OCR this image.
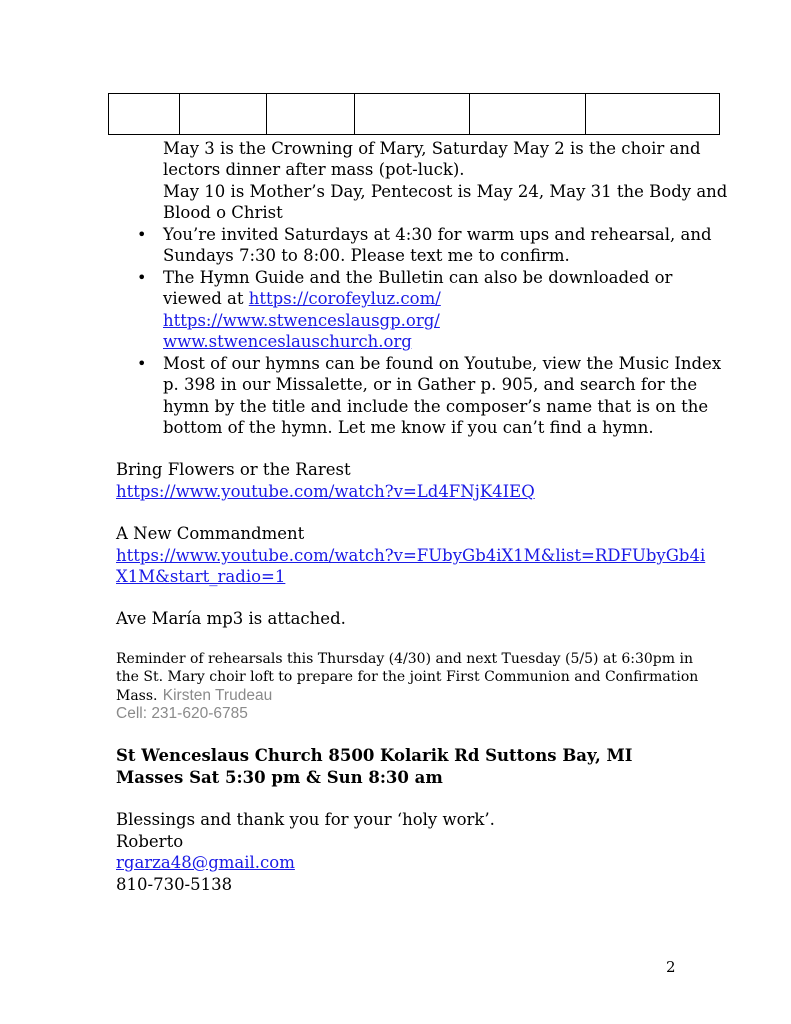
May 3 is the Crowning of Mary, Saturday May 2 is the choir and
lectors dinner after mass (pot-luck).
May 10 is Mother’s Day, Pentecost is May 24, May 31 the Body and
Blood o Christ
• You’re invited Saturdays at 4:30 for warm ups and rehearsal, and
Sundays 7:30 to 8:00. Please text me to confirm.
• The Hymn Guide and the Bulletin can also be downloaded or
viewed at https://corofeyluz.com/
https://www.stwenceslausgp.org/
www.stwenceslauschurch.org
• Most of our hymns can be found on Youtube, view the Music Index
p. 398 in our Missalette, or in Gather p. 905, and search for the
hymn by the title and include the composer’s name that is on the
bottom of the hymn. Let me know if you can’t find a hymn.
Bring Flowers or the Rarest
https://www.youtube.com/watch?v=Ld4FNjK4IEQ
A New Commandment
https://www.youtube.com/watch?v=FUbyGb4iX1M&list=RDFUbyGb4i
X1M&start_radio=1
Ave María mp3 is attached.
Reminder of rehearsals this Thursday (4/30) and next Tuesday (5/5) at 6:30pm in
the St. Mary choir loft to prepare for the joint First Communion and Confirmation
Mass. Kirsten Trudeau
Cell: 231-620-6785
St Wenceslaus Church 8500 Kolarik Rd Suttons Bay, MI
Masses Sat 5:30 pm & Sun 8:30 am
Blessings and thank you for your ‘holy work’.
Roberto
rgarza48@gmail.com
810-730-5138
2
